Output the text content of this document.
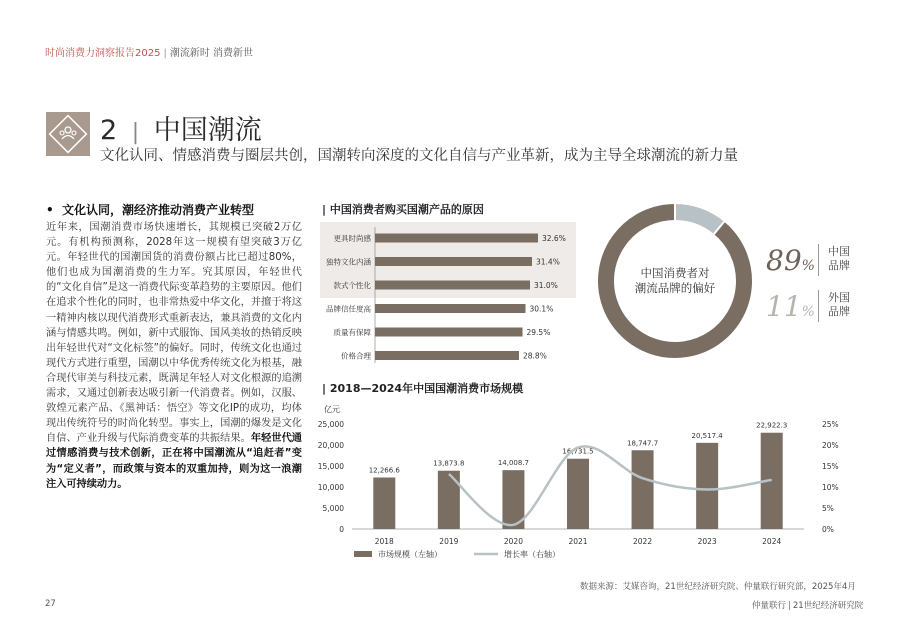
时尚消费力洞察报告2025 | 潮流新时 消费新世
2 | 中国潮流
文化认同、情感消费与圈层共创，国潮转向深度的文化自信与产业革新，成为主导全球潮流的新力量
•  文化认同，潮经济推动消费产业转型
近年来，国潮消费市场快速增长，其规模已突破2万亿元。有机构预测称，2028年这一规模有望突破3万亿元。年轻世代的国潮国货的消费份额占比已超过80%，他们也成为国潮消费的生力军。究其原因，年轻世代的“文化自信”是这一消费代际变革趋势的主要原因。他们在追求个性化的同时，也非常热爱中华文化，并擅于将这一精神内核以现代消费形式重新表达，兼具消费的文化内涵与情感共鸣。例如，新中式服饰、国风美妆的热销反映出年轻世代对“文化标签”的偏好。同时，传统文化也通过现代方式进行重塑，国潮以中华优秀传统文化为根基，融合现代审美与科技元素，既满足年轻人对文化根源的追溯需求，又通过创新表达吸引新一代消费者。例如，汉服、敦煌元素产品、《黑神话：悟空》等文化IP的成功，均体现出传统符号的时尚化转型。事实上，国潮的爆发是文化自信、产业升级与代际消费变革的共振结果。年轻世代通过情感消费与技术创新，正在将中国潮流从“追赶者”变为“定义者”，而政策与资本的双重加持，则为这一浪潮注入可持续动力。
| 中国消费者购买国潮产品的原因
更具时尚感	32.6%
独特文化内涵	31.4%
款式个性化	31.0%
品牌信任度高	30.1%
质量有保障	29.5%
价格合理	28.8%
中国消费者对
潮流品牌的偏好
89%
中国
品牌
11%
外国
品牌
| 2018—2024年中国国潮消费市场规模
亿元
0
5,000
10,000
15,000
20,000
25,000
0%
5%
10%
15%
20%
25%
12,266.6
2018
13,873.8
2019
14,008.7
2020
16,731.5
2021
18,747.7
2022
20,517.4
2023
22,922.3
2024
市场规模（左轴）	增长率（右轴）
数据来源：艾媒咨询，21世纪经济研究院、仲量联行研究部，2025年4月
27	仲量联行 | 21世纪经济研究院
